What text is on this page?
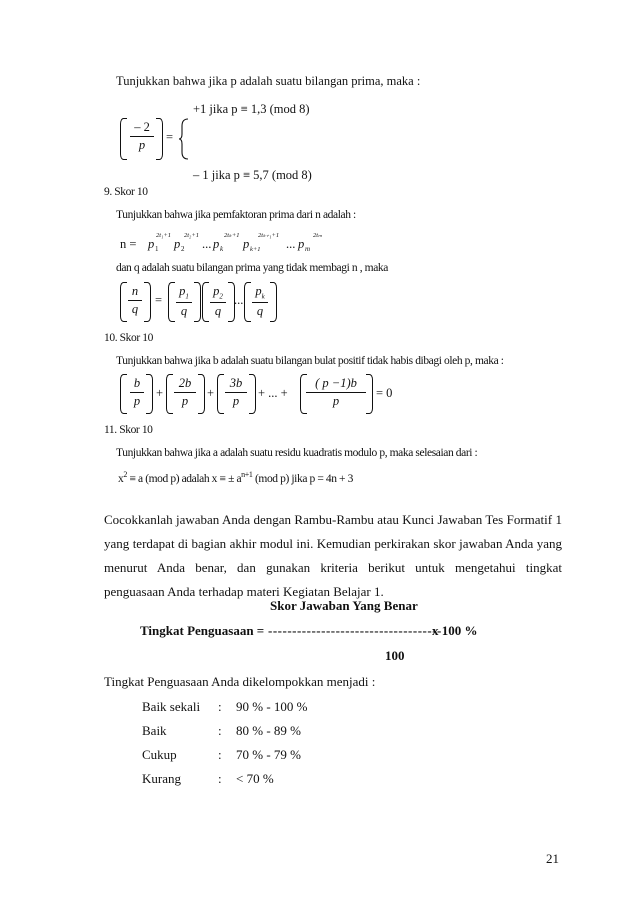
Tunjukkan bahwa jika p adalah suatu bilangan prima, maka :
+1 jika p ≡ 1,3 (mod 8)
– 2
p
=
– 1 jika p ≡ 5,7 (mod 8)
9. Skor 10
Tunjukkan bahwa jika pemfaktoran prima dari n adalah :
n = p 1
2t₁+1
p 2
2t₂+1
... p k
2tₖ+1
p k+1
2tₖ₊₁+1
... p m
2tₘ
dan q adalah suatu bilangan prima yang tidak membagi n , maka
n
q
=
$p_1$
q
$p_2$
q
...
$p_k$
q
10. Skor 10
Tunjukkan bahwa jika b adalah suatu bilangan bulat positif tidak habis dibagi oleh p, maka :
b
p
+
2b
p
+
3b
p
+ ... +
( p −1)b
p
= 0
11. Skor 10
Tunjukkan bahwa jika a adalah suatu residu kuadratis modulo p, maka selesaian dari :
$x^2 \equiv a$ (mod p) adalah x ≡ ± $a^{n+1}$ (mod p) jika p = 4n + 3
Cocokkanlah jawaban Anda dengan Rambu-Rambu atau Kunci Jawaban Tes Formatif 1 yang terdapat di bagian akhir modul ini. Kemudian perkirakan skor jawaban Anda yang menurut Anda benar, dan gunakan kriteria berikut untuk mengetahui tingkat penguasaan Anda terhadap materi Kegiatan Belajar 1.
Skor Jawaban Yang Benar
Tingkat Penguasaan = ------------------------------------
x 100 %
100
Tingkat Penguasaan Anda dikelompokkan menjadi :
Baik sekali : 90 % - 100 %
Baik	: 80 % - 89 %
Cukup	: 70 % - 79 %
Kurang	: < 70 %
21
